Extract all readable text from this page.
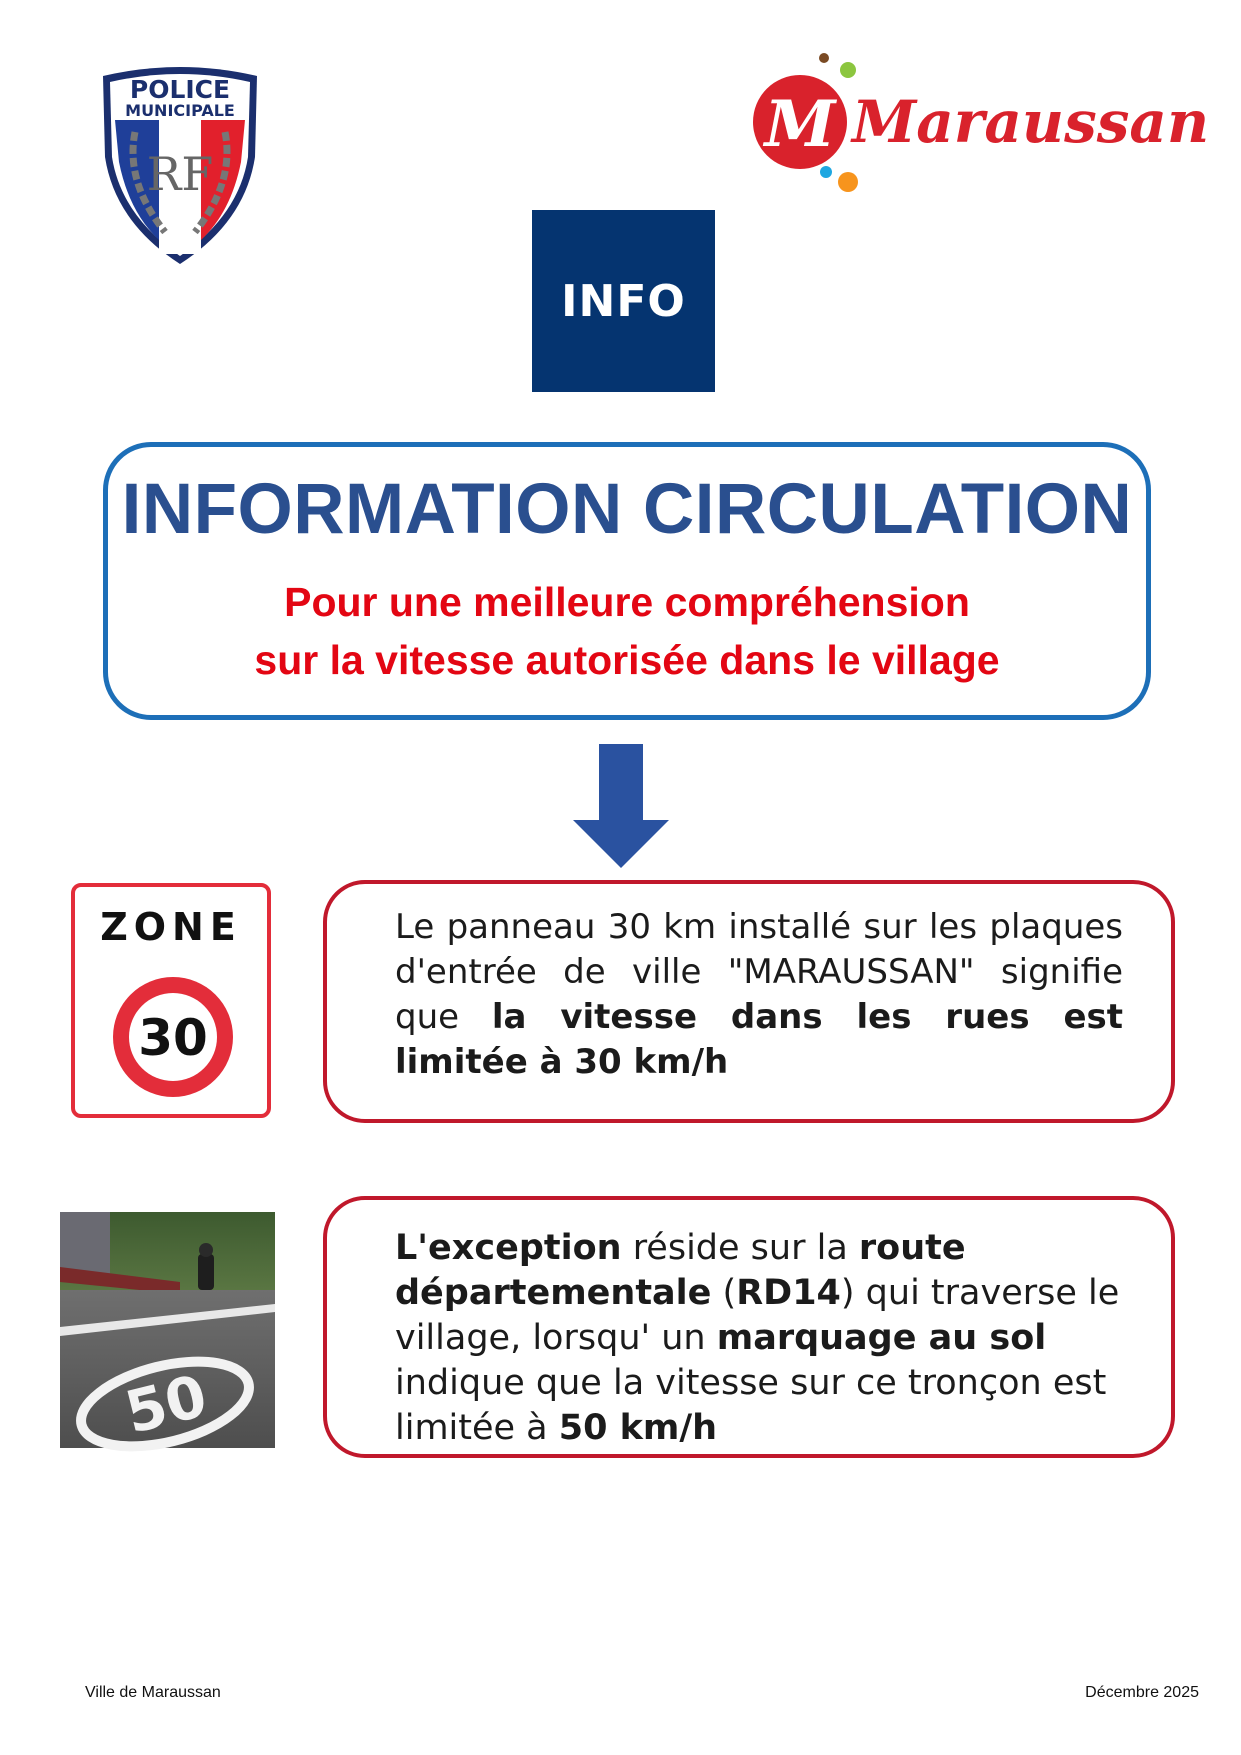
POLICE
MUNICIPALE
RF
M Maraussan
INFO
INFORMATION CIRCULATION
Pour une meilleure compréhension
sur la vitesse autorisée dans le village
ZONE
30
Le panneau 30 km installé sur les plaques d'entrée de ville "MARAUSSAN" signifie que la vitesse dans les rues est limitée à 30 km/h
50
L'exception réside sur la route départementale (RD14) qui traverse le village, lorsqu' un marquage au sol indique que la vitesse sur ce tronçon est limitée à 50 km/h
Ville de Maraussan	Décembre 2025
